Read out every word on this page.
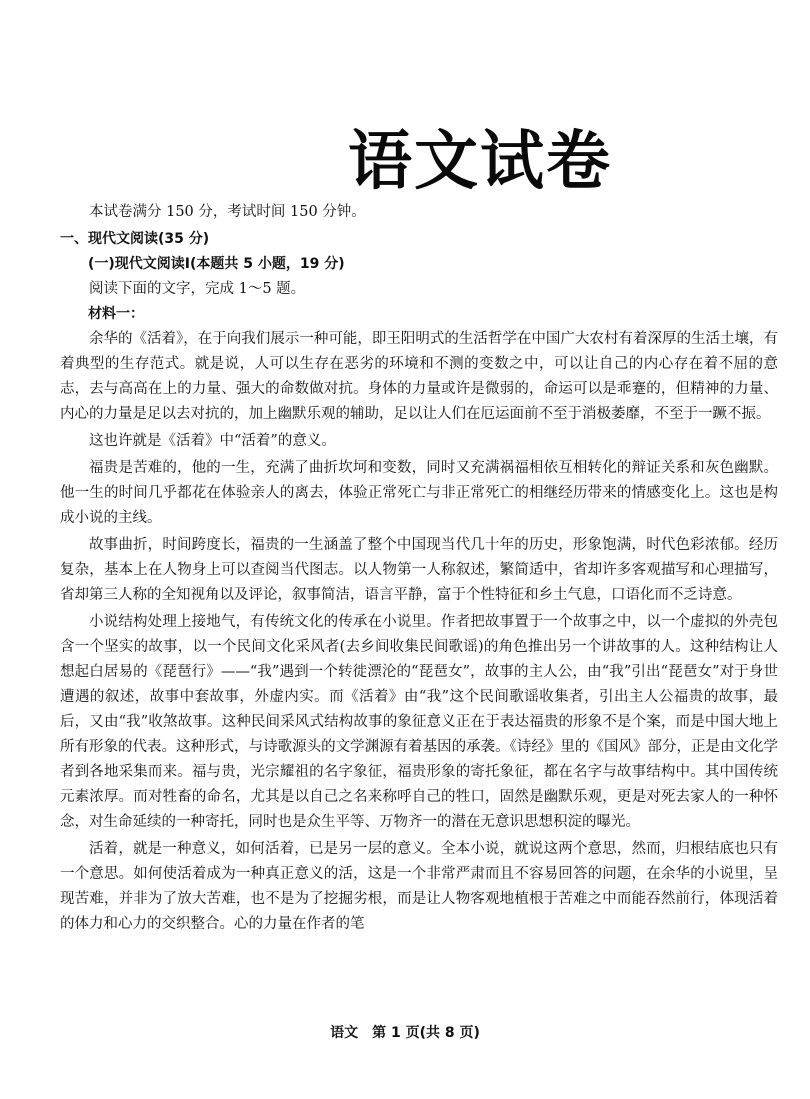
语文试卷

本试卷满分 150 分，考试时间 150 分钟。

一、现代文阅读(35 分)

(一)现代文阅读Ⅰ(本题共 5 小题，19 分)

阅读下面的文字，完成 1～5 题。

材料一：

余华的《活着》，在于向我们展示一种可能，即王阳明式的生活哲学在中国广大农村有着深厚的生活土壤，有着典型的生存范式。就是说，人可以生存在恶劣的环境和不测的变数之中，可以让自己的内心存在着不屈的意志，去与高高在上的力量、强大的命数做对抗。身体的力量或许是微弱的，命运可以是乖蹇的，但精神的力量、内心的力量是足以去对抗的，加上幽默乐观的辅助，足以让人们在厄运面前不至于消极萎靡，不至于一蹶不振。

这也许就是《活着》中“活着”的意义。

福贵是苦难的，他的一生，充满了曲折坎坷和变数，同时又充满祸福相依互相转化的辩证关系和灰色幽默。他一生的时间几乎都花在体验亲人的离去，体验正常死亡与非正常死亡的相继经历带来的情感变化上。这也是构成小说的主线。

故事曲折，时间跨度长，福贵的一生涵盖了整个中国现当代几十年的历史，形象饱满，时代色彩浓郁。经历复杂，基本上在人物身上可以查阅当代图志。以人物第一人称叙述，繁简适中，省却许多客观描写和心理描写，省却第三人称的全知视角以及评论，叙事简洁，语言平静，富于个性特征和乡土气息，口语化而不乏诗意。

小说结构处理上接地气，有传统文化的传承在小说里。作者把故事置于一个故事之中，以一个虚拟的外壳包含一个坚实的故事，以一个民间文化采风者(去乡间收集民间歌谣)的角色推出另一个讲故事的人。这种结构让人想起白居易的《琵琶行》——“我”遇到一个转徙漂沦的“琵琶女”，故事的主人公，由“我”引出“琵琶女”对于身世遭遇的叙述，故事中套故事，外虚内实。而《活着》由“我”这个民间歌谣收集者，引出主人公福贵的故事，最后，又由“我”收煞故事。这种民间采风式结构故事的象征意义正在于表达福贵的形象不是个案，而是中国大地上所有形象的代表。这种形式，与诗歌源头的文学渊源有着基因的承袭。《诗经》里的《国风》部分，正是由文化学者到各地采集而来。福与贵，光宗耀祖的名字象征，福贵形象的寄托象征，都在名字与故事结构中。其中国传统元素浓厚。而对牲畜的命名，尤其是以自己之名来称呼自己的牲口，固然是幽默乐观，更是对死去家人的一种怀念，对生命延续的一种寄托，同时也是众生平等、万物齐一的潜在无意识思想积淀的曝光。

活着，就是一种意义，如何活着，已是另一层的意义。全本小说，就说这两个意思，然而，归根结底也只有一个意思。如何使活着成为一种真正意义的活，这是一个非常严肃而且不容易回答的问题，在余华的小说里，呈现苦难，并非为了放大苦难，也不是为了挖掘劣根，而是让人物客观地植根于苦难之中而能吞然前行，体现活着的体力和心力的交织整合。心的力量在作者的笔

语文　第 1 页(共 8 页)
